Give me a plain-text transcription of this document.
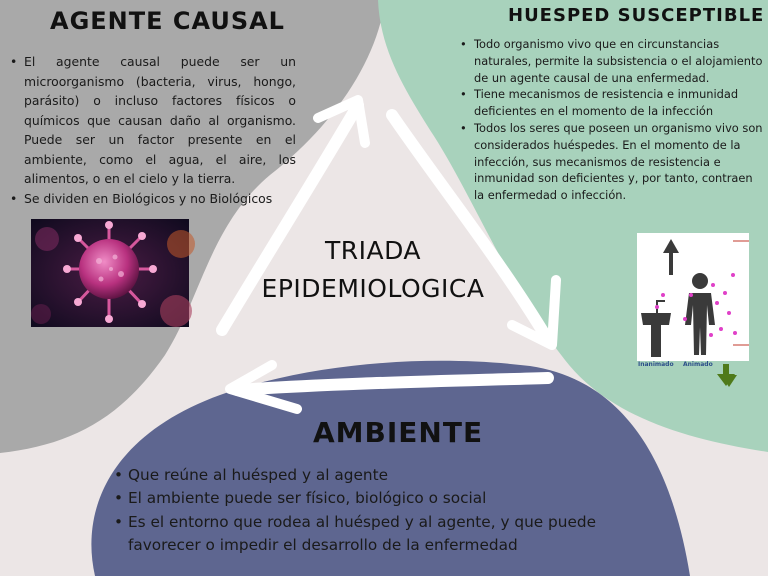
AGENTE CAUSAL
• El agente causal puede ser un microorganismo (bacteria, virus, hongo, parásito) o incluso factores físicos o químicos que causan daño al organismo. Puede ser un factor presente en el ambiente, como el agua, el aire, los alimentos, o en el cielo y la tierra.
• Se dividen en Biológicos y no Biológicos
HUESPED SUSCEPTIBLE
• Todo organismo vivo que en circunstancias naturales, permite la subsistencia o el alojamiento de un agente causal de una enfermedad.
• Tiene mecanismos de resistencia e inmunidad deficientes en el momento de la infección
• Todos los seres que poseen un organismo vivo son considerados huéspedes. En el momento de la infección, sus mecanismos de resistencia e inmunidad son deficientes y, por tanto, contraen la enfermedad o infección.
Inanimado Animado
TRIADA
EPIDEMIOLOGICA
AMBIENTE
• Que reúne al huésped y al agente
• El ambiente puede ser físico, biológico o social
• Es el entorno que rodea al huésped y al agente, y que puede favorecer o impedir el desarrollo de la enfermedad
